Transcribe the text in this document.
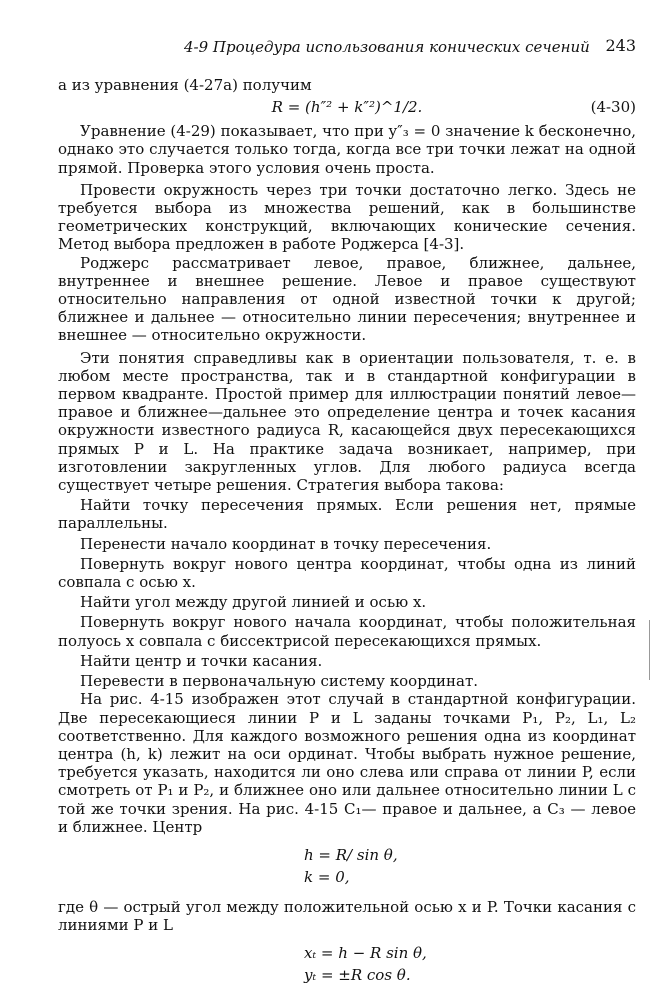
4-9 Процедура использования конических сечений 243

а из уравнения (4-27а) получим

R = (h″² + k″²)^1/2.	(4-30)

Уравнение (4-29) показывает, что при y″₃ = 0 значение k бесконечно, однако это случается только тогда, когда все три точки лежат на одной прямой. Проверка этого условия очень проста.

Провести окружность через три точки достаточно легко. Здесь не требуется выбора из множества решений, как в большинстве геометрических конструкций, включающих конические сечения. Метод выбора предложен в работе Роджерса [4-3].

Роджерс рассматривает левое, правое, ближнее, дальнее, внутреннее и внешнее решение. Левое и правое существуют относительно направления от одной известной точки к другой; ближнее и дальнее — относительно линии пересечения; внутреннее и внешнее — относительно окружности.

Эти понятия справедливы как в ориентации пользователя, т. е. в любом месте пространства, так и в стандартной конфигурации в первом квадранте. Простой пример для иллюстрации понятий левое—правое и ближнее—дальнее это определение центра и точек касания окружности известного радиуса R, касающейся двух пересекающихся прямых P и L. На практике задача возникает, например, при изготовлении закругленных углов. Для любого радиуса всегда существует четыре решения. Стратегия выбора такова:

Найти точку пересечения прямых. Если решения нет, прямые параллельны.

Перенести начало координат в точку пересечения.

Повернуть вокруг нового центра координат, чтобы одна из линий совпала с осью x.

Найти угол между другой линией и осью x.

Повернуть вокруг нового начала координат, чтобы положительная полуось x совпала с биссектрисой пересекающихся прямых.

Найти центр и точки касания.

Перевести в первоначальную систему координат.

На рис. 4-15 изображен этот случай в стандартной конфигурации. Две пересекающиеся линии P и L заданы точками P₁, P₂, L₁, L₂ соответственно. Для каждого возможного решения одна из координат центра (h, k) лежит на оси ординат. Чтобы выбрать нужное решение, требуется указать, находится ли оно слева или справа от линии P, если смотреть от P₁ и P₂, и ближнее оно или дальнее относительно линии L с той же точки зрения. На рис. 4-15 C₁— правое и дальнее, а C₃ — левое и ближнее. Центр

h = R/ sin θ,
k = 0,

где θ — острый угол между положительной осью x и P. Точки касания с линиями P и L

xₜ = h − R sin θ,
yₜ = ±R cos θ.
